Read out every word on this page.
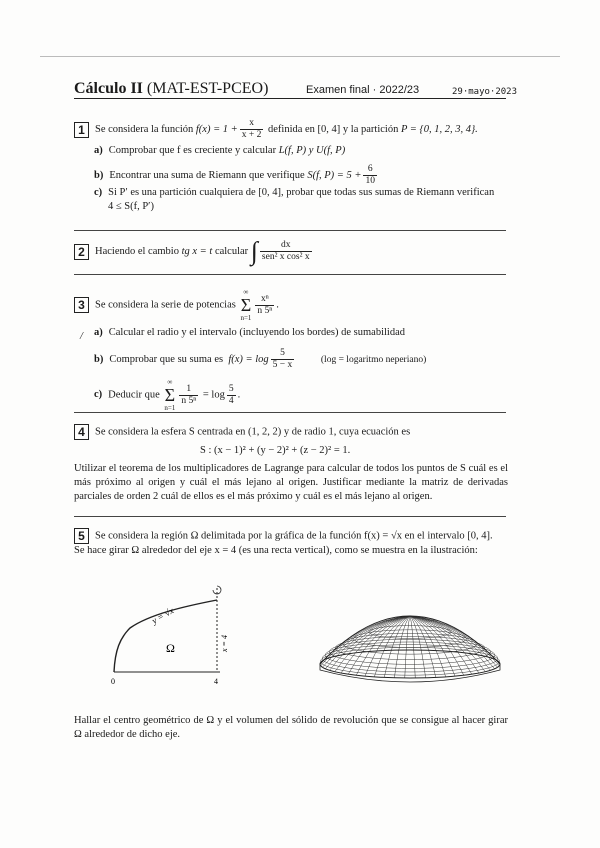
Cálculo II (MAT-EST-PCEO)	Examen final · 2022/23	29·mayo·2023
1 Se considera la función $f(x) = 1 + \frac{x}{x + 2}$ definida en [0, 4] y la partición P = {0, 1, 2, 3, 4}.
a) Comprobar que f es creciente y calcular L(f, P) y U(f, P)
b) Encontrar una suma de Riemann que verifique S(f, $P) = 5 + \frac{6}{10}$
c) Si P′ es una partición cualquiera de [0, 4], probar que todas sus sumas de Riemann verifican
4 ≤ S(f, P′)
2 Haciendo el cambio tg x = t calcular ∫ $\frac{dx}{\text{sen² x cos² x}}$
3 Se considera la serie de potencias ∞
Σ
n=1
$\frac{\text{xⁿ}}{\text{n 5ⁿ}}$ .
/ a) Calcular el radio y el intervalo (incluyendo los bordes) de sumabilidad
b) Comprobar que su suma es $f(x) = \log \frac{5}{5 - x}$	(log = logaritmo neperiano)
c) Deducir que ∞
Σ
n=1
$\frac{1}{\text{n 5ⁿ}} = \log \frac{5}{4}$ .
4 Se considera la esfera S centrada en (1, 2, 2) y de radio 1, cuya ecuación es
S : (x − 1)² + (y − 2)² + (z − 2)² = 1.
Utilizar el teorema de los multiplicadores de Lagrange para calcular de todos los puntos de S cuál es el más próximo al origen y cuál el más lejano al origen. Justificar mediante la matriz de derivadas parciales de orden 2 cuál de ellos es el más próximo y cuál es el más lejano al origen.
5 Se considera la región Ω delimitada por la gráfica de la función f(x) = √x en el intervalo [0, 4].
Se hace girar Ω alrededor del eje x = 4 (es una recta vertical), como se muestra en la ilustración:
y = √x
Ω	x = 4
0	4
Hallar el centro geométrico de Ω y el volumen del sólido de revolución que se consigue al hacer girar Ω alrededor de dicho eje.
